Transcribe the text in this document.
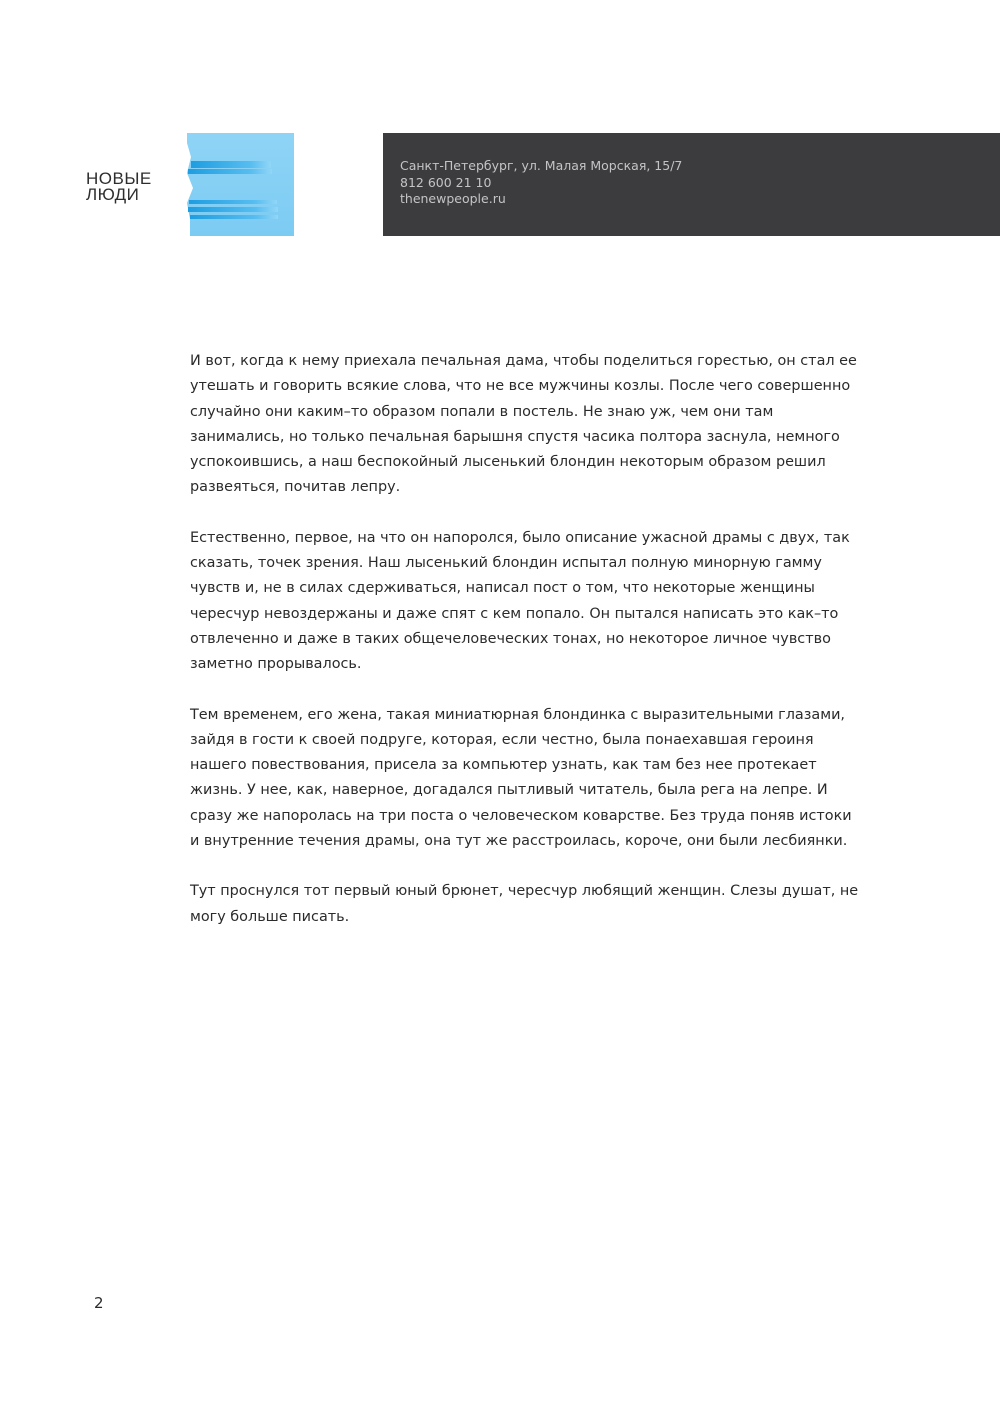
НОВЫЕ
ЛЮДИ
Санкт-Петербург, ул. Малая Морская, 15/7
812 600 21 10
thenewpeople.ru

И вот, когда к нему приехала печальная дама, чтобы поделиться горестью, он стал ее
утешать и говорить всякие слова, что не все мужчины козлы. После чего совершенно
случайно они каким–то образом попали в постель. Не знаю уж, чем они там
занимались, но только печальная барышня спустя часика полтора заснула, немного
успокоившись, а наш беспокойный лысенький блондин некоторым образом решил
развеяться, почитав лепру.

Естественно, первое, на что он напоролся, было описание ужасной драмы с двух, так
сказать, точек зрения. Наш лысенький блондин испытал полную минорную гамму
чувств и, не в силах сдерживаться, написал пост о том, что некоторые женщины
чересчур невоздержаны и даже спят с кем попало. Он пытался написать это как–то
отвлеченно и даже в таких общечеловеческих тонах, но некоторое личное чувство
заметно прорывалось.

Тем временем, его жена, такая миниатюрная блондинка с выразительными глазами,
зайдя в гости к своей подруге, которая, если честно, была понаехавшая героиня
нашего повествования, присела за компьютер узнать, как там без нее протекает
жизнь. У нее, как, наверное, догадался пытливый читатель, была рега на лепре. И
сразу же напоролась на три поста о человеческом коварстве. Без труда поняв истоки
и внутренние течения драмы, она тут же расстроилась, короче, они были лесбиянки.

Тут проснулся тот первый юный брюнет, чересчур любящий женщин. Слезы душат, не
могу больше писать.

2
